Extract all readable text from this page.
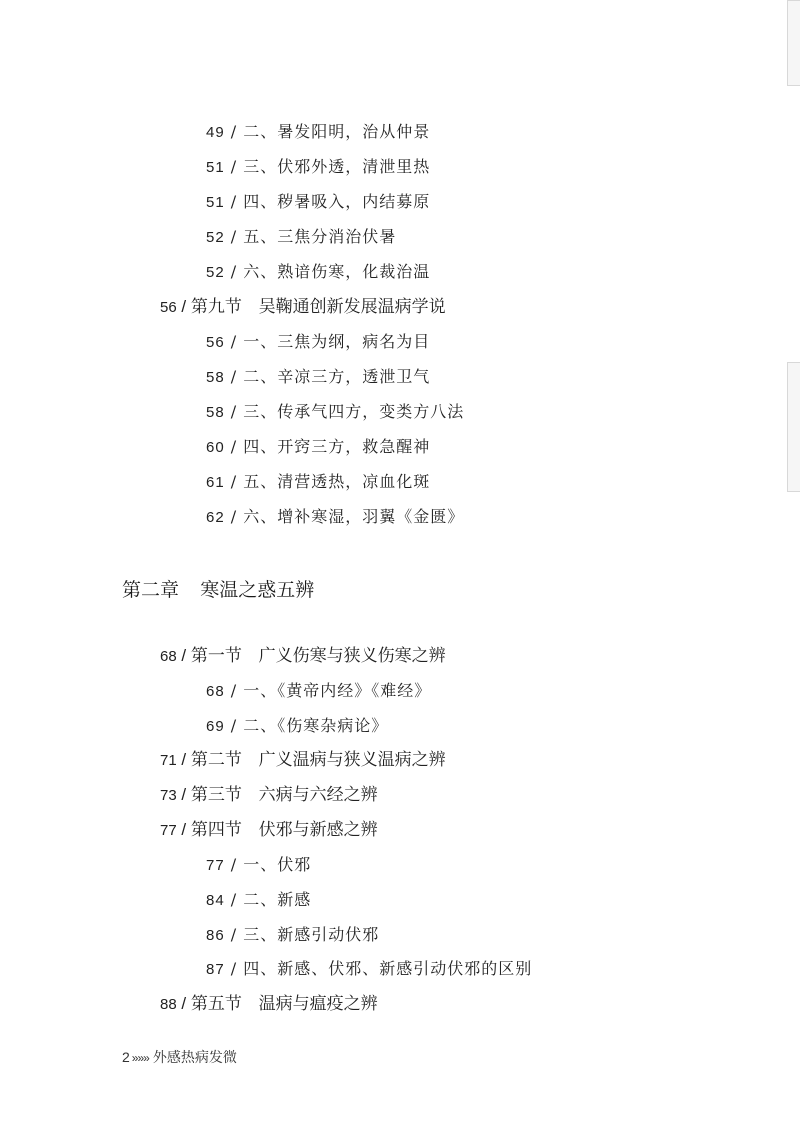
49 / 二、暑发阳明，治从仲景
51 / 三、伏邪外透，清泄里热
51 / 四、秽暑吸入，内结募原
52 / 五、三焦分消治伏暑
52 / 六、熟谙伤寒，化裁治温
56 / 第九节 吴鞠通创新发展温病学说
56 / 一、三焦为纲，病名为目
58 / 二、辛凉三方，透泄卫气
58 / 三、传承气四方，变类方八法
60 / 四、开窍三方，救急醒神
61 / 五、清营透热，凉血化斑
62 / 六、增补寒湿，羽翼《金匮》
第二章 寒温之惑五辨
68 / 第一节 广义伤寒与狭义伤寒之辨
68 / 一、《黄帝内经》《难经》
69 / 二、《伤寒杂病论》
71 / 第二节 广义温病与狭义温病之辨
73 / 第三节 六病与六经之辨
77 / 第四节 伏邪与新感之辨
77 / 一、伏邪
84 / 二、新感
86 / 三、新感引动伏邪
87 / 四、新感、伏邪、新感引动伏邪的区别
88 / 第五节 温病与瘟疫之辨
2 »»» 外感热病发微
